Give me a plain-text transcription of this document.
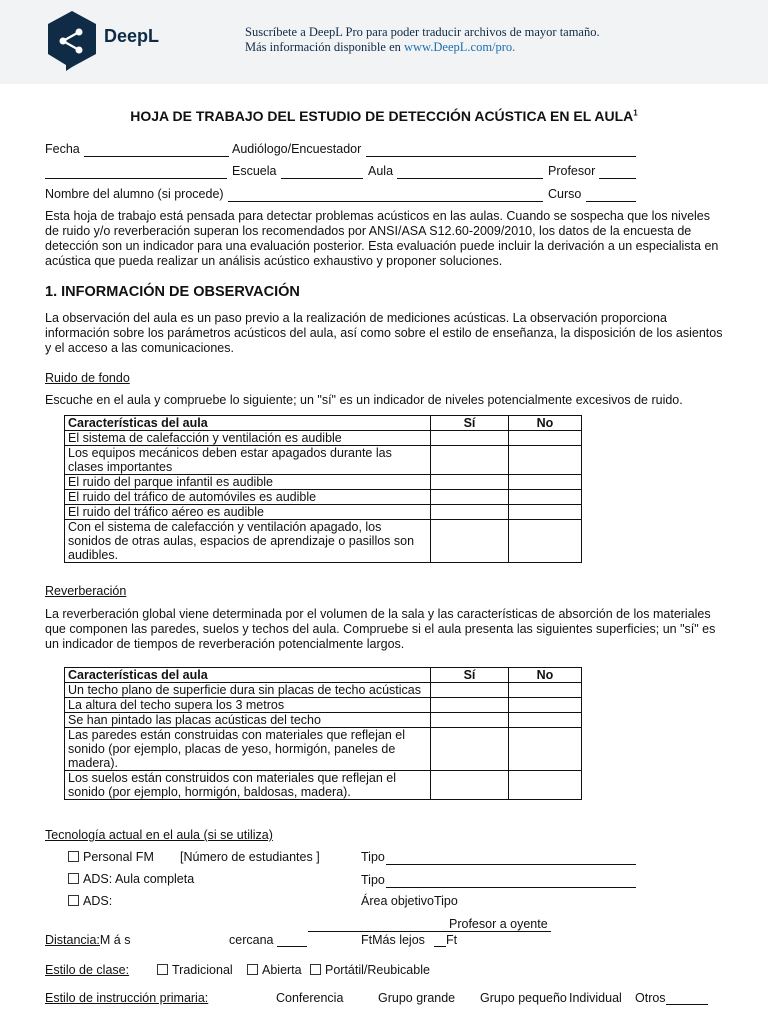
DeepL	Suscríbete a DeepL Pro para poder traducir archivos de mayor tamaño.
Más información disponible en www.DeepL.com/pro.
HOJA DE TRABAJO DEL ESTUDIO DE DETECCIÓN ACÚSTICA EN EL AULA$^1$
Fecha	Audiólogo/Encuestador
Escuela	Aula	Profesor
Nombre del alumno (si procede)	Curso
Esta hoja de trabajo está pensada para detectar problemas acústicos en las aulas. Cuando se sospecha que los niveles de ruido y/o reverberación superan los recomendados por ANSI/ASA S12.60-2009/2010, los datos de la encuesta de detección son un indicador para una evaluación posterior. Esta evaluación puede incluir la derivación a un especialista en acústica que pueda realizar un análisis acústico exhaustivo y proponer soluciones.
1. INFORMACIÓN DE OBSERVACIÓN
La observación del aula es un paso previo a la realización de mediciones acústicas. La observación proporciona información sobre los parámetros acústicos del aula, así como sobre el estilo de enseñanza, la disposición de los asientos y el acceso a las comunicaciones.
Ruido de fondo
Escuche en el aula y compruebe lo siguiente; un "sí" es un indicador de niveles potencialmente excesivos de ruido.
Características del aula	Sí	No
El sistema de calefacción y ventilación es audible		
Los equipos mecánicos deben estar apagados durante las clases importantes		
El ruido del parque infantil es audible		
El ruido del tráfico de automóviles es audible		
El ruido del tráfico aéreo es audible		
Con el sistema de calefacción y ventilación apagado, los sonidos de otras aulas, espacios de aprendizaje o pasillos son audibles.		
Reverberación
La reverberación global viene determinada por el volumen de la sala y las características de absorción de los materiales que componen las paredes, suelos y techos del aula. Compruebe si el aula presenta las siguientes superficies; un "sí" es un indicador de tiempos de reverberación potencialmente largos.
Características del aula	Sí	No
Un techo plano de superficie dura sin placas de techo acústicas		
La altura del techo supera los 3 metros		
Se han pintado las placas acústicas del techo		
Las paredes están construidas con materiales que reflejan el sonido (por ejemplo, placas de yeso, hormigón, paneles de madera).		
Los suelos están construidos con materiales que reflejan el sonido (por ejemplo, hormigón, baldosas, madera).		
Tecnología actual en el aula (si se utiliza)
Personal FM [Número de estudiantes ]	Tipo
ADS: Aula completa	Tipo
ADS:	Área objetivoTipo
Profesor a oyente
Distancia:M á s	cercana	FtMás lejos Ft
Estilo de clase:	Tradicional	Abierta	Portátil/Reubicable
Estilo de instrucción primaria:	Conferencia	Grupo grande Grupo pequeño Individual Otros
